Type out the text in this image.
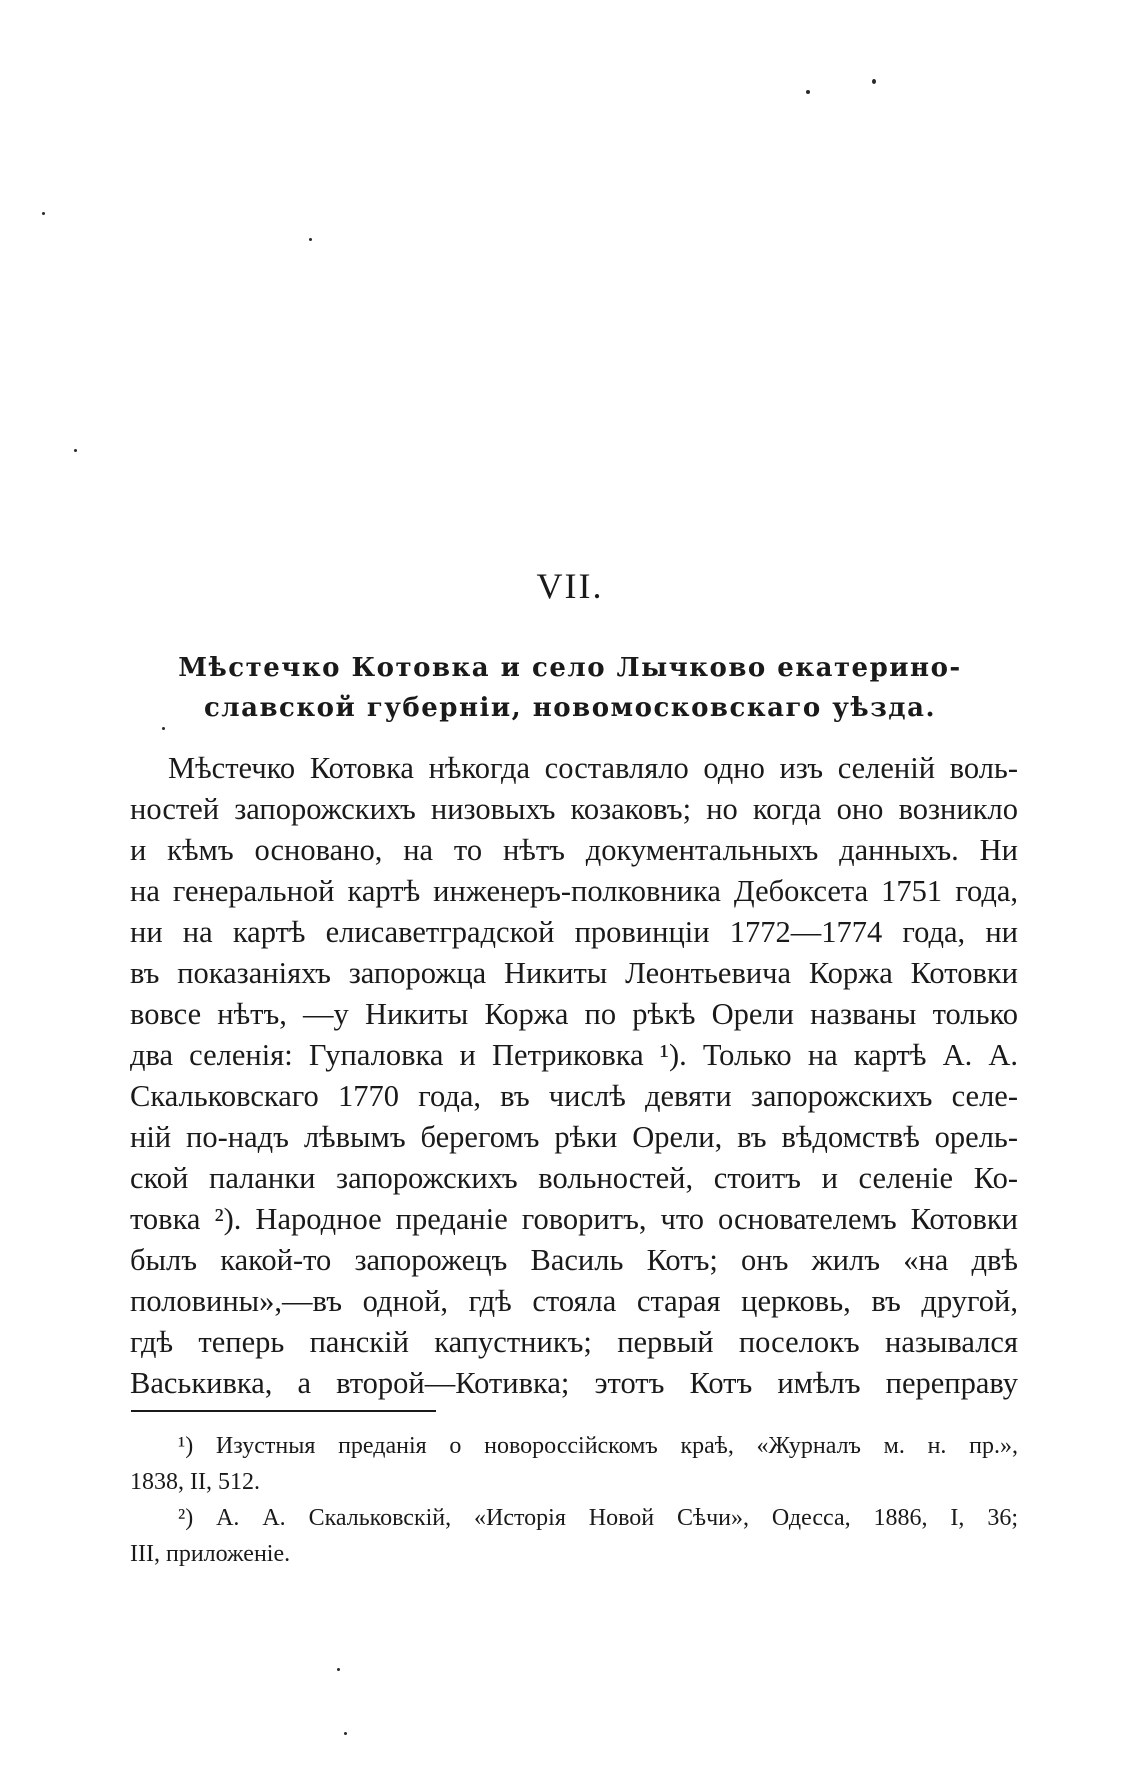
VII.
Мѣстечко Котовка и село Лычково екатерино-
славской губерніи, новомосковскаго уѣзда.
Мѣстечко Котовка нѣкогда составляло одно изъ селеній воль-
ностей запорожскихъ низовыхъ козаковъ; но когда оно возникло
и кѣмъ основано, на то нѣтъ документальныхъ данныхъ. Ни
на генеральной картѣ инженеръ-полковника Дебоксета 1751 года,
ни на картѣ елисаветградской провинціи 1772—1774 года, ни
въ показаніяхъ запорожца Никиты Леонтьевича Коржа Котовки
вовсе нѣтъ, —у Никиты Коржа по рѣкѣ Орели названы только
два селенія: Гупаловка и Петриковка ¹). Только на картѣ А. А.
Скальковскаго 1770 года, въ числѣ девяти запорожскихъ селе-
ній по-надъ лѣвымъ берегомъ рѣки Орели, въ вѣдомствѣ орель-
ской паланки запорожскихъ вольностей, стоитъ и селеніе Ко-
товка ²). Народное преданіе говоритъ, что основателемъ Котовки
былъ какой-то запорожецъ Василь Котъ; онъ жилъ «на двѣ
половины»,—въ одной, гдѣ стояла старая церковь, въ другой,
гдѣ теперь панскій капустникъ; первый поселокъ назывался
Васькивка, а второй—Котивка; этотъ Котъ имѣлъ переправу
¹) Изустныя преданія о новороссійскомъ краѣ, «Журналъ м. н. пр.»,
1838, II, 512.
²) А. А. Скальковскій, «Исторія Новой Сѣчи», Одесса, 1886, I, 36;
III, приложеніе.
